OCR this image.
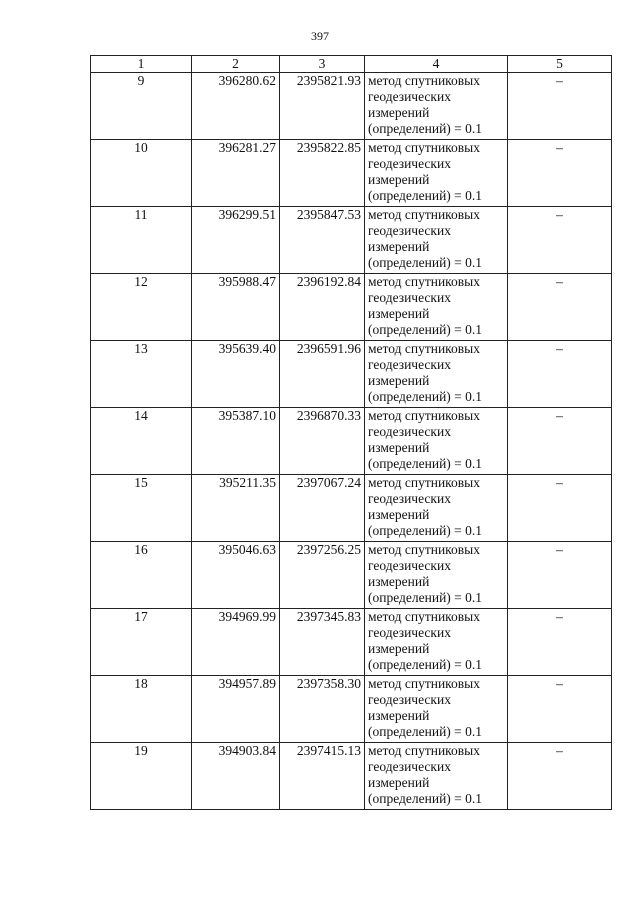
397
1	2	3	4	5
9	396280.62	2395821.93	метод спутниковых
геодезических
измерений
(определений) = 0.1	–
10	396281.27	2395822.85	метод спутниковых
геодезических
измерений
(определений) = 0.1	–
11	396299.51	2395847.53	метод спутниковых
геодезических
измерений
(определений) = 0.1	–
12	395988.47	2396192.84	метод спутниковых
геодезических
измерений
(определений) = 0.1	–
13	395639.40	2396591.96	метод спутниковых
геодезических
измерений
(определений) = 0.1	–
14	395387.10	2396870.33	метод спутниковых
геодезических
измерений
(определений) = 0.1	–
15	395211.35	2397067.24	метод спутниковых
геодезических
измерений
(определений) = 0.1	–
16	395046.63	2397256.25	метод спутниковых
геодезических
измерений
(определений) = 0.1	–
17	394969.99	2397345.83	метод спутниковых
геодезических
измерений
(определений) = 0.1	–
18	394957.89	2397358.30	метод спутниковых
геодезических
измерений
(определений) = 0.1	–
19	394903.84	2397415.13	метод спутниковых
геодезических
измерений
(определений) = 0.1	–
